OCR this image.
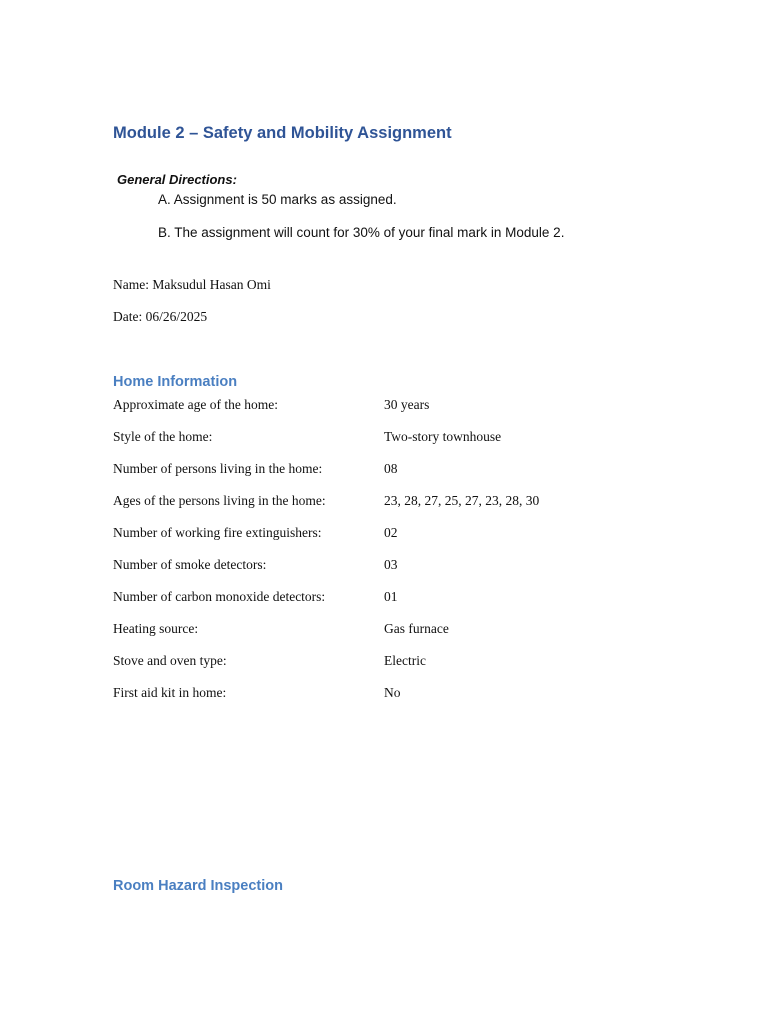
Module 2 – Safety and Mobility Assignment
General Directions:
A. Assignment is 50 marks as assigned.
B. The assignment will count for 30% of your final mark in Module 2.
Name: Maksudul Hasan Omi
Date: 06/26/2025
Home Information
Approximate age of the home:	30 years
Style of the home:	Two-story townhouse
Number of persons living in the home:	08
Ages of the persons living in the home:	23, 28, 27, 25, 27, 23, 28, 30
Number of working fire extinguishers:	02
Number of smoke detectors:	03
Number of carbon monoxide detectors:	01
Heating source:	Gas furnace
Stove and oven type:	Electric
First aid kit in home:	No
Room Hazard Inspection
